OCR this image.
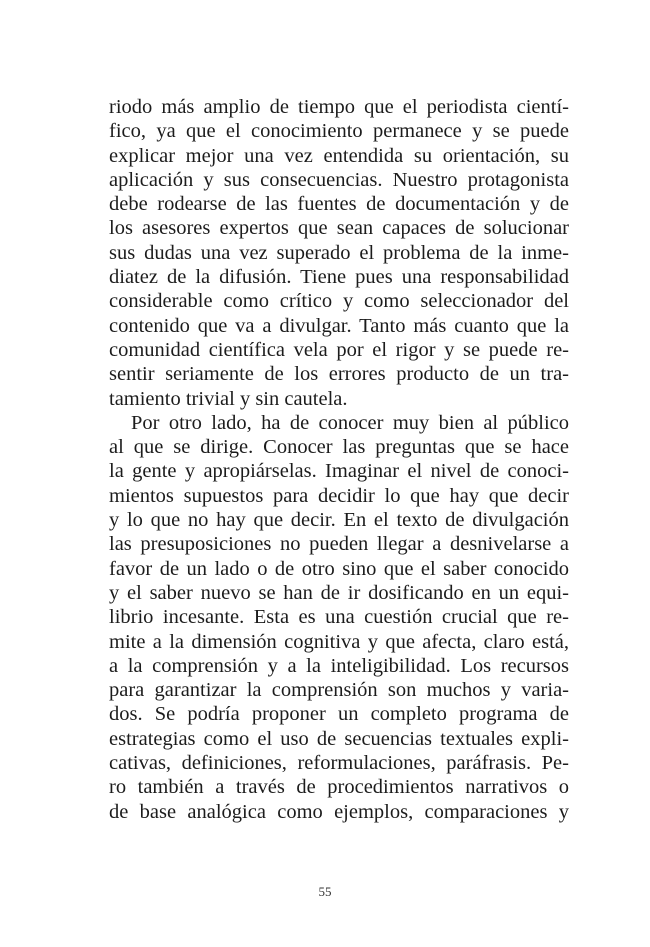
riodo más amplio de tiempo que el periodista cientí-
fico, ya que el conocimiento permanece y se puede
explicar mejor una vez entendida su orientación, su
aplicación y sus consecuencias. Nuestro protagonista
debe rodearse de las fuentes de documentación y de
los asesores expertos que sean capaces de solucionar
sus dudas una vez superado el problema de la inme-
diatez de la difusión. Tiene pues una responsabilidad
considerable como crítico y como seleccionador del
contenido que va a divulgar. Tanto más cuanto que la
comunidad científica vela por el rigor y se puede re-
sentir seriamente de los errores producto de un tra-
tamiento trivial y sin cautela.
Por otro lado, ha de conocer muy bien al público
al que se dirige. Conocer las preguntas que se hace
la gente y apropiárselas. Imaginar el nivel de conoci-
mientos supuestos para decidir lo que hay que decir
y lo que no hay que decir. En el texto de divulgación
las presuposiciones no pueden llegar a desnivelarse a
favor de un lado o de otro sino que el saber conocido
y el saber nuevo se han de ir dosificando en un equi-
librio incesante. Esta es una cuestión crucial que re-
mite a la dimensión cognitiva y que afecta, claro está,
a la comprensión y a la inteligibilidad. Los recursos
para garantizar la comprensión son muchos y varia-
dos. Se podría proponer un completo programa de
estrategias como el uso de secuencias textuales expli-
cativas, definiciones, reformulaciones, paráfrasis. Pe-
ro también a través de procedimientos narrativos o
de base analógica como ejemplos, comparaciones y
55
